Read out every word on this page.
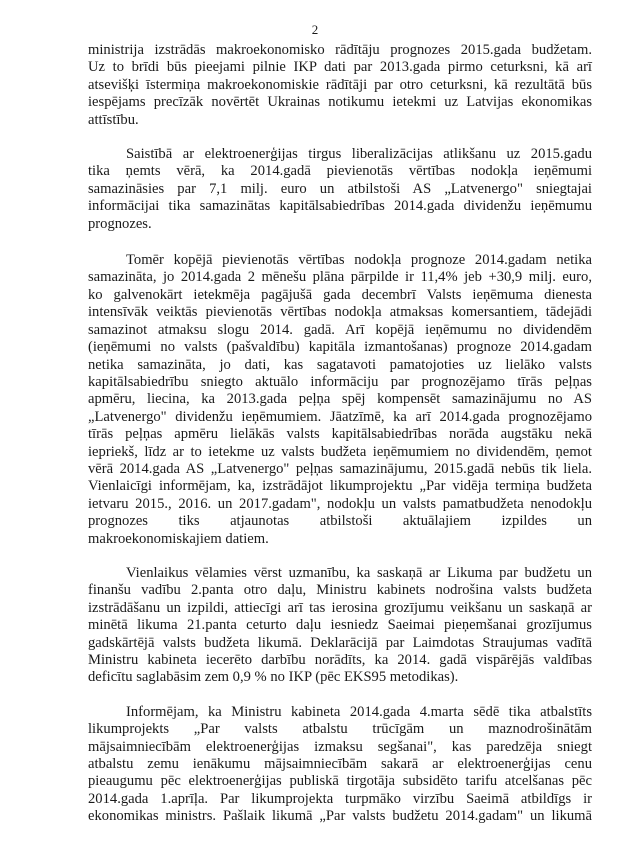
2
ministrija izstrādās makroekonomisko rādītāju prognozes 2015.gada budžetam.
Uz to brīdi būs pieejami pilnie IKP dati par 2013.gada pirmo ceturksni, kā arī
atsevišķi īstermiņa makroekonomiskie rādītāji par otro ceturksni, kā rezultātā būs
iespējams precīzāk novērtēt Ukrainas notikumu ietekmi uz Latvijas ekonomikas
attīstību.
Saistībā ar elektroenerģijas tirgus liberalizācijas atlikšanu uz 2015.gadu
tika ņemts vērā, ka 2014.gadā pievienotās vērtības nodokļa ieņēmumi
samazināsies par 7,1 milj. euro un atbilstoši AS „Latvenergo" sniegtajai
informācijai tika samazinātas kapitālsabiedrības 2014.gada dividenžu ieņēmumu
prognozes.
Tomēr kopējā pievienotās vērtības nodokļa prognoze 2014.gadam netika
samazināta, jo 2014.gada 2 mēnešu plāna pārpilde ir 11,4% jeb +30,9 milj. euro,
ko galvenokārt ietekmēja pagājušā gada decembrī Valsts ieņēmuma dienesta
intensīvāk veiktās pievienotās vērtības nodokļa atmaksas komersantiem, tādejādi
samazinot atmaksu slogu 2014. gadā. Arī kopējā ieņēmumu no dividendēm
(ieņēmumi no valsts (pašvaldību) kapitāla izmantošanas) prognoze 2014.gadam
netika samazināta, jo dati, kas sagatavoti pamatojoties uz lielāko valsts
kapitālsabiedrību sniegto aktuālo informāciju par prognozējamo tīrās peļņas
apmēru, liecina, ka 2013.gada peļņa spēj kompensēt samazinājumu no AS
„Latvenergo" dividenžu ieņēmumiem. Jāatzīmē, ka arī 2014.gada prognozējamo
tīrās peļņas apmēru lielākās valsts kapitālsabiedrības norāda augstāku nekā
iepriekš, līdz ar to ietekme uz valsts budžeta ieņēmumiem no dividendēm, ņemot
vērā 2014.gada AS „Latvenergo" peļņas samazinājumu, 2015.gadā nebūs tik liela.
Vienlaicīgi informējam, ka, izstrādājot likumprojektu „Par vidēja termiņa budžeta
ietvaru 2015., 2016. un 2017.gadam", nodokļu un valsts pamatbudžeta nenodokļu
prognozes tiks atjaunotas atbilstoši aktuālajiem izpildes un
makroekonomiskajiem datiem.
Vienlaikus vēlamies vērst uzmanību, ka saskaņā ar Likuma par budžetu un
finanšu vadību 2.panta otro daļu, Ministru kabinets nodrošina valsts budžeta
izstrādāšanu un izpildi, attiecīgi arī tas ierosina grozījumu veikšanu un saskaņā ar
minētā likuma 21.panta ceturto daļu iesniedz Saeimai pieņemšanai grozījumus
gadskārtējā valsts budžeta likumā. Deklarācijā par Laimdotas Straujumas vadītā
Ministru kabineta iecerēto darbību norādīts, ka 2014. gadā vispārējās valdības
deficītu saglabāsim zem 0,9 % no IKP (pēc EKS95 metodikas).
Informējam, ka Ministru kabineta 2014.gada 4.marta sēdē tika atbalstīts
likumprojekts „Par valsts atbalstu trūcīgām un maznodrošinātām
mājsaimniecībām elektroenerģijas izmaksu segšanai", kas paredzēja sniegt
atbalstu zemu ienākumu mājsaimniecībām sakarā ar elektroenerģijas cenu
pieaugumu pēc elektroenerģijas publiskā tirgotāja subsidēto tarifu atcelšanas pēc
2014.gada 1.aprīļa. Par likumprojekta turpmāko virzību Saeimā atbildīgs ir
ekonomikas ministrs. Pašlaik likumā „Par valsts budžetu 2014.gadam" un likumā
